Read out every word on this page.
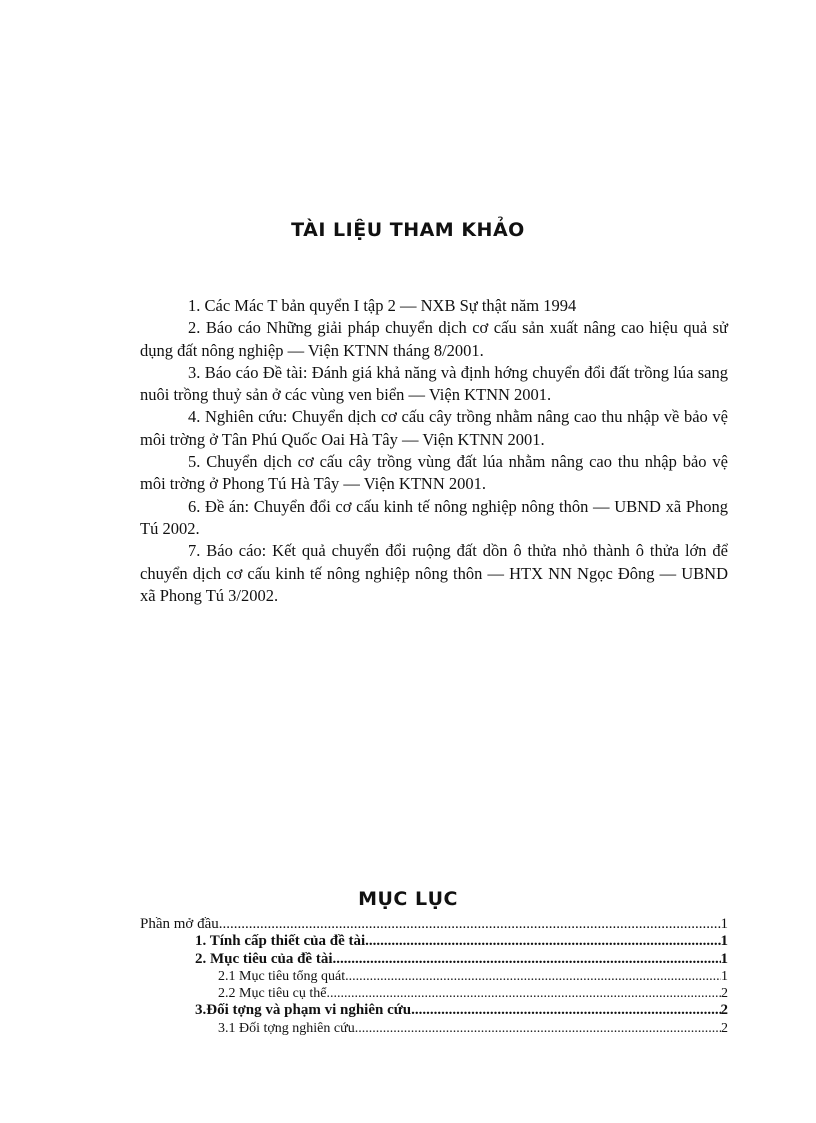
TÀI LIỆU THAM KHẢO

1. Các Mác T bản quyển I tập 2 — NXB Sự thật năm 1994

2. Báo cáo Những giải pháp chuyển dịch cơ cấu sản xuất nâng cao hiệu quả sử dụng đất nông nghiệp — Viện KTNN tháng 8/2001.

3. Báo cáo Đề tài: Đánh giá khả năng và định hớng chuyển đổi đất trồng lúa sang nuôi trồng thuỷ sản ở các vùng ven biển — Viện KTNN 2001.

4. Nghiên cứu: Chuyển dịch cơ cấu cây trồng nhằm nâng cao thu nhập về bảo vệ môi trờng ở Tân Phú Quốc Oai Hà Tây — Viện KTNN 2001.

5. Chuyển dịch cơ cấu cây trồng vùng đất lúa nhằm nâng cao thu nhập bảo vệ môi trờng ở Phong Tú Hà Tây — Viện KTNN 2001.

6. Đề án: Chuyển đổi cơ cấu kinh tế nông nghiệp nông thôn — UBND xã Phong Tú 2002.

7. Báo cáo: Kết quả chuyển đổi ruộng đất dồn ô thửa nhỏ thành ô thửa lớn để chuyển dịch cơ cấu kinh tế nông nghiệp nông thôn — HTX NN Ngọc Đông — UBND xã Phong Tú 3/2002.

MỤC LỤC
Phần mở đầu .....	1
1. Tính cấp thiết của đề tài .....	1
2. Mục tiêu của đề tài .....	1
2.1 Mục tiêu tổng quát .....	1
2.2 Mục tiêu cụ thể .....	2
3.Đối tợng và phạm vi nghiên cứu .....	2
3.1 Đối tợng nghiên cứu .....	2
